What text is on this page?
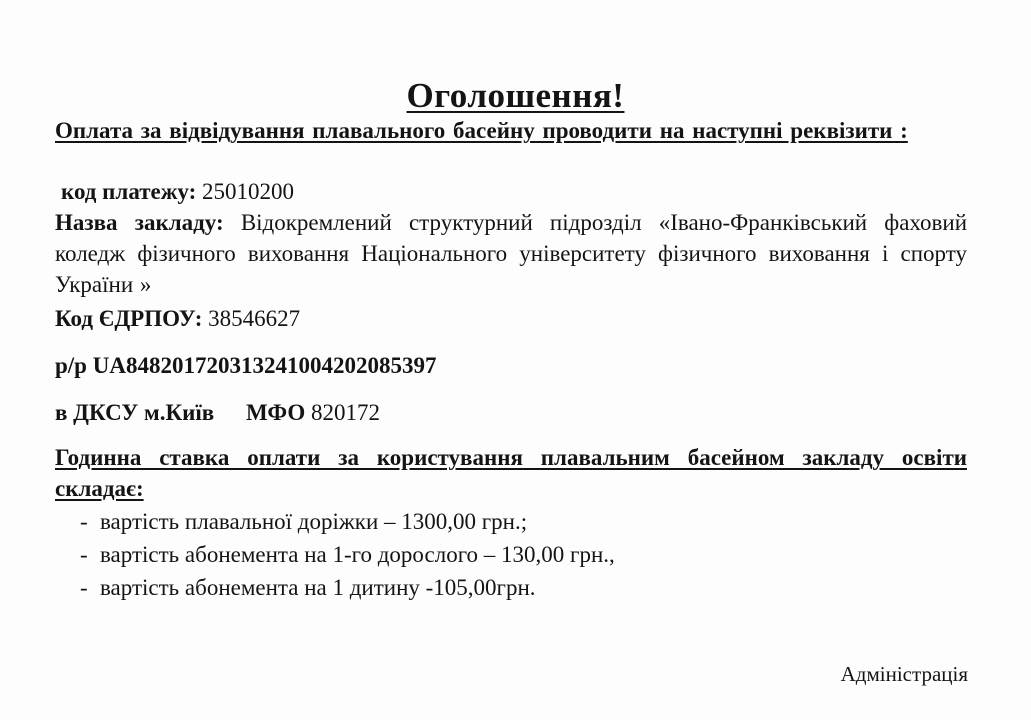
Оголошення!
Оплата за відвідування плавального басейну проводити на наступні реквізити :
код платежу: 25010200
Назва закладу: Відокремлений структурний підрозділ «Івано-Франківський фаховий коледж фізичного виховання Національного університету фізичного виховання і спорту України »
Код ЄДРПОУ: 38546627
р/р UA848201720313241004202085397
в ДКСУ м.Київ МФО 820172
Годинна ставка оплати за користування плавальним басейном закладу освіти складає:
- вартість плавальної доріжки – 1300,00 грн.;
- вартість абонемента на 1-го дорослого – 130,00 грн.,
- вартість абонемента на 1 дитину -105,00грн.
Адміністрація
